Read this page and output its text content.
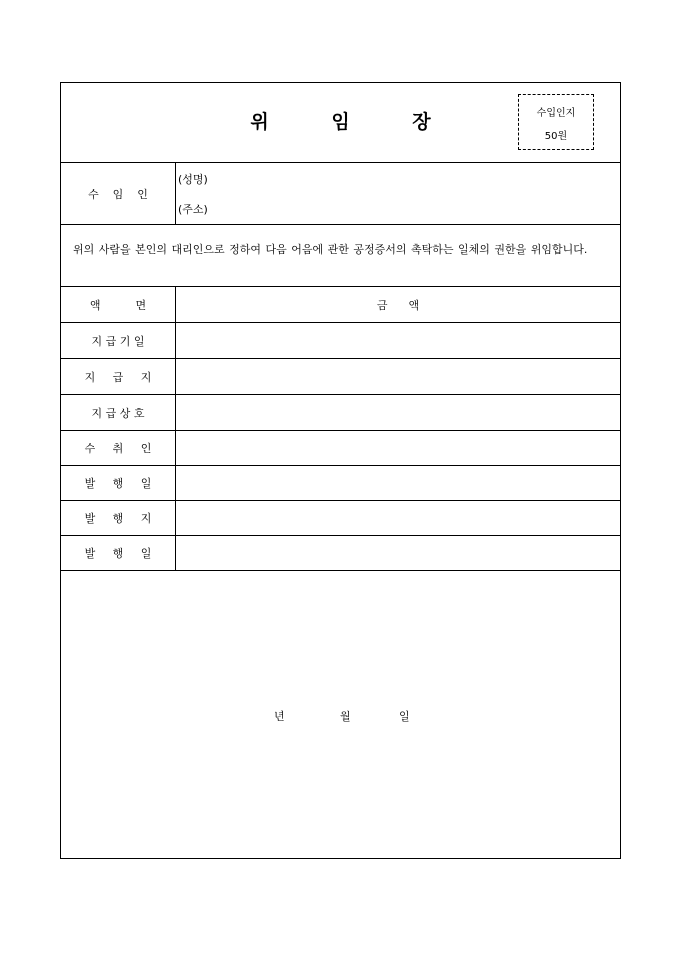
위 임 장	수입인지
50원
수    임    인
(성명)
(주소)
위의 사람을 본인의 대리인으로 정하여 다음 어음에 관한 공정증서의 촉탁하는 일체의 권한을 위임합니다.
액          면	금      액
지 급 기 일
지     급     지
지 급 상 호
수     취     인
발     행     일
발     행     지
발     행     일
년	월	일
